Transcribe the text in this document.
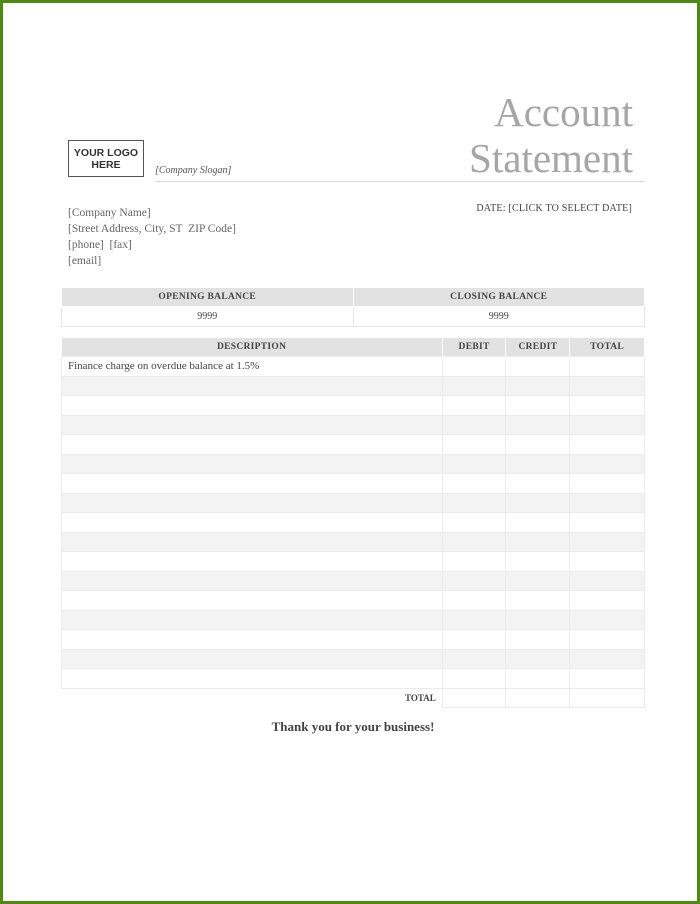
Account
Statement
YOUR LOGO
HERE	[Company Slogan]
DATE: [CLICK TO SELECT DATE]
[Company Name]
[Street Address, City, ST  ZIP Code]
[phone]  [fax]
[email]
OPENING BALANCE	CLOSING BALANCE
9999	9999
DESCRIPTION	DEBIT	CREDIT	TOTAL
Finance charge on overdue balance at 1.5%			

TOTAL			
Thank you for your business!
